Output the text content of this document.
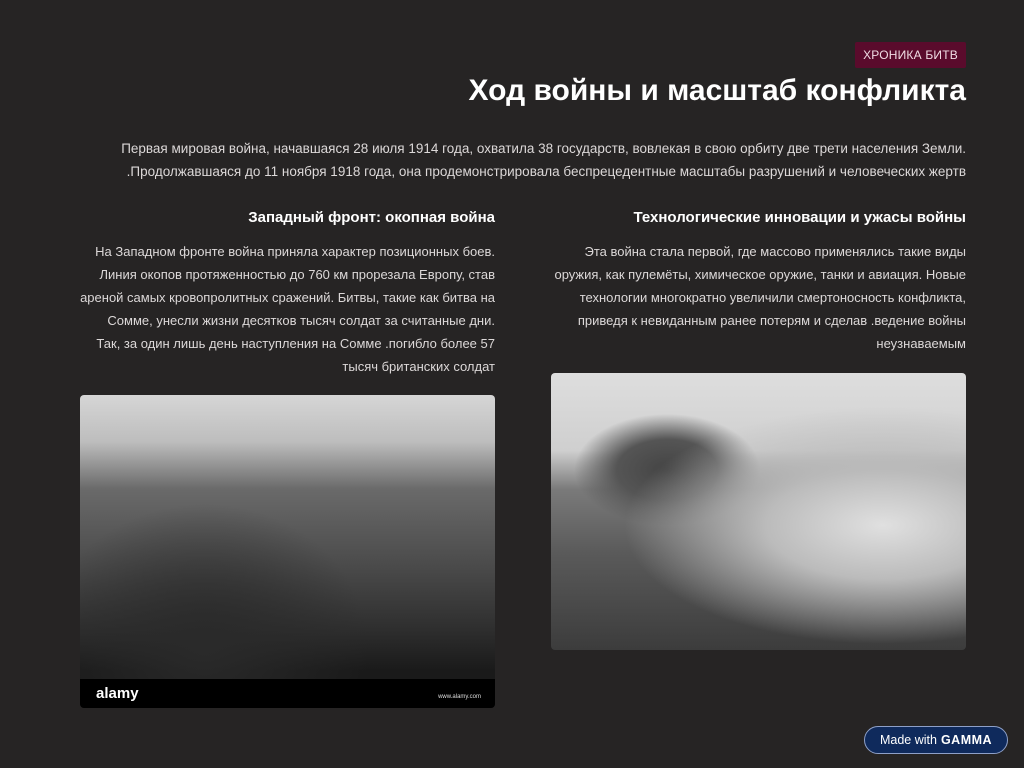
ХРОНИКА БИТВ
Ход войны и масштаб конфликта

Первая мировая война, начавшаяся 28 июля 1914 года, охватила 38 государств, вовлекая в свою орбиту две трети населения Земли. .Продолжавшаяся до 11 ноября 1918 года, она продемонстрировала беспрецедентные масштабы разрушений и человеческих жертв

Западный фронт: окопная война

На Западном фронте война приняла характер позиционных боев. Линия окопов протяженностью до 760 км прорезала Европу, став ареной самых кровопролитных сражений. Битвы, такие как битва на Сомме, унесли жизни десятков тысяч солдат за считанные дни. Так, за один лишь день наступления на Сомме .погибло более 57 тысяч британских солдат

Технологические инновации и ужасы войны

Эта война стала первой, где массово применялись такие виды оружия, как пулемёты, химическое оружие, танки и авиация. Новые технологии многократно увеличили смертоносность конфликта, приведя к невиданным ранее потерям и сделав .ведение войны неузнаваемым

alamy	www.alamy.com
Made with GAMMA
